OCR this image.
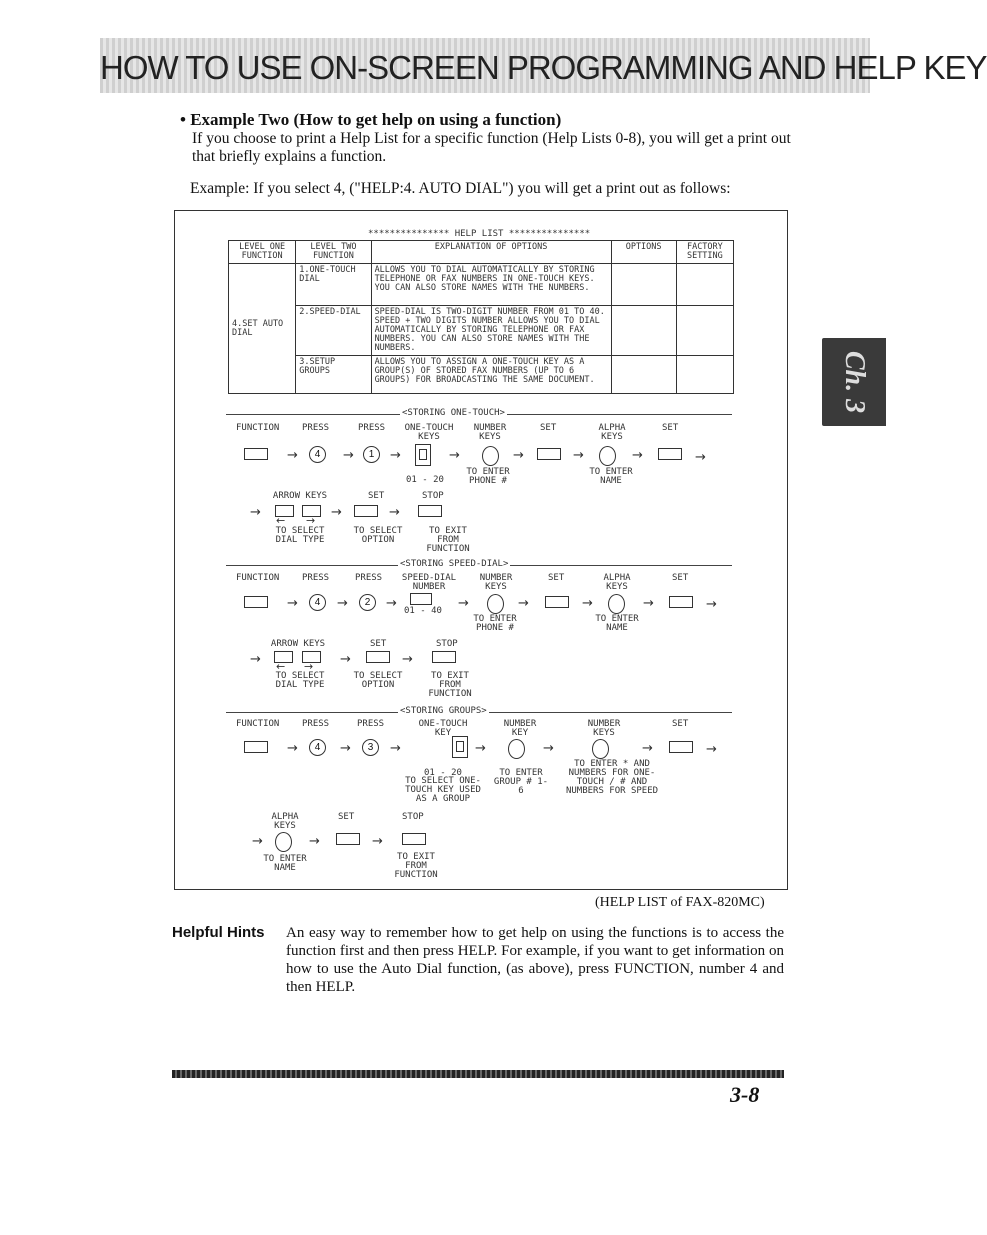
HOW TO USE ON-SCREEN PROGRAMMING AND HELP KEY
Ch. 3
• Example Two (How to get help on using a function)
If you choose to print a Help List for a specific function (Help Lists 0-8), you will get a print out that briefly explains a function.
Example: If you select 4, ("HELP:4. AUTO DIAL") you will get a print out as follows:
*************** HELP LIST ***************
LEVEL ONE FUNCTION	LEVEL TWO FUNCTION	EXPLANATION OF OPTIONS	OPTIONS	FACTORY SETTING
4.SET AUTO DIAL	1.ONE-TOUCH DIAL	ALLOWS YOU TO DIAL AUTOMATICALLY BY STORING TELEPHONE OR FAX NUMBERS IN ONE-TOUCH KEYS. YOU CAN ALSO STORE NAMES WITH THE NUMBERS.		
	2.SPEED-DIAL	SPEED-DIAL IS TWO-DIGIT NUMBER FROM 01 TO 40. SPEED + TWO DIGITS NUMBER ALLOWS YOU TO DIAL AUTOMATICALLY BY STORING TELEPHONE OR FAX NUMBERS. YOU CAN ALSO STORE NAMES WITH THE NUMBERS.		
	3.SETUP GROUPS	ALLOWS YOU TO ASSIGN A ONE-TOUCH KEY AS A GROUP(S) OF STORED FAX NUMBERS (UP TO 6 GROUPS) FOR BROADCASTING THE SAME DOCUMENT.		
<STORING ONE-TOUCH>
FUNCTION	PRESS	PRESS ONE-TOUCH KEYS
NUMBER KEYS
SET	ALPHA KEYS
SET
→	4	→	1	→
	→	→	→	→	→
01 - 20
TO ENTER PHONE #
TO ENTER NAME
ARROW KEYS	SET	STOP
→	→	→
← →
TO SELECT DIAL TYPE
TO SELECT OPTION
TO EXIT FROM FUNCTION
<STORING SPEED-DIAL>
FUNCTION	PRESS	PRESS SPEED-DIAL NUMBER
NUMBER KEYS
SET	ALPHA KEYS
SET
→	4	→	2	→	→	→	→	→	→
01 - 40
TO ENTER PHONE #
TO ENTER NAME
ARROW KEYS	SET	STOP
→	→	→
← →
TO SELECT DIAL TYPE
TO SELECT OPTION
TO EXIT FROM FUNCTION
<STORING GROUPS>
FUNCTION	PRESS	PRESS	ONE-TOUCH KEY
NUMBER KEY
NUMBER KEYS
SET
→	4	→	3	→	→	→	→	→
01 - 20
TO SELECT ONE-TOUCH KEY USED AS A GROUP
TO ENTER GROUP # 1-6
TO ENTER * AND NUMBERS FOR ONE-TOUCH / # AND NUMBERS FOR SPEED
ALPHA KEYS
SET	STOP
→	→	→
TO ENTER NAME
TO EXIT FROM FUNCTION
(HELP LIST of FAX-820MC)
Helpful Hints An easy way to remember how to get help on using the functions is to access the function first and then press HELP. For example, if you want to get information on how to use the Auto Dial function, (as above), press FUNCTION, number 4 and then HELP.
3-8
